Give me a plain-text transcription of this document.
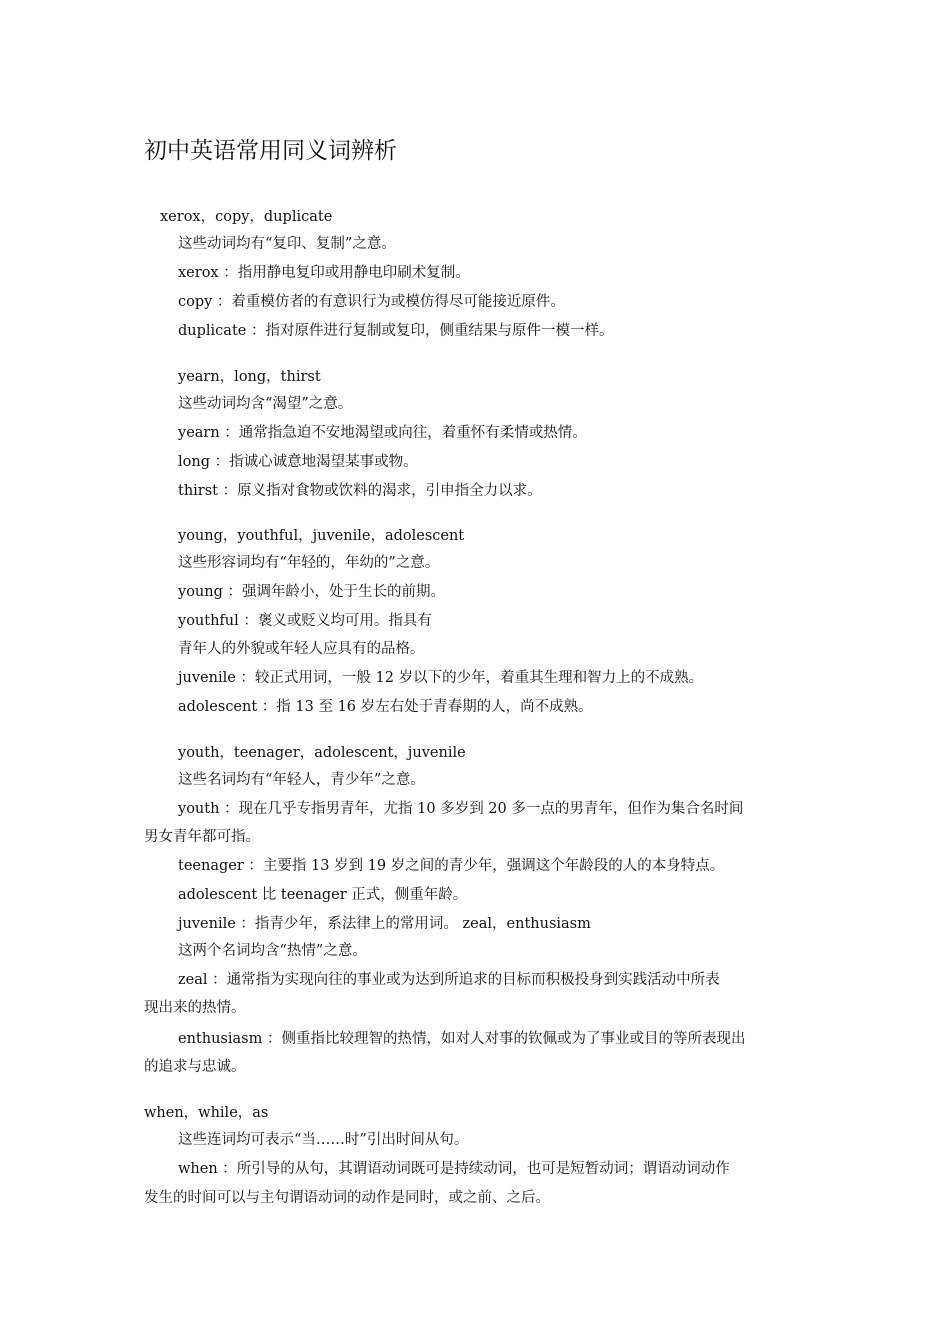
初中英语常用同义词辨析
xerox，copy，duplicate
这些动词均有“复印、复制”之意。
xerox ：指用静电复印或用静电印刷术复制。
copy ：着重模仿者的有意识行为或模仿得尽可能接近原件。
duplicate ：指对原件进行复制或复印，侧重结果与原件一模一样。
yearn，long，thirst
这些动词均含“渴望”之意。
yearn ：通常指急迫不安地渴望或向往，着重怀有柔情或热情。
long ：指诚心诚意地渴望某事或物。
thirst ：原义指对食物或饮料的渴求，引申指全力以求。
young，youthful，juvenile，adolescent
这些形容词均有“年轻的，年幼的”之意。
young ：强调年龄小，处于生长的前期。
youthful ：褒义或贬义均可用。指具有
青年人的外貌或年轻人应具有的品格。
juvenile ：较正式用词，一般 12 岁以下的少年，着重其生理和智力上的不成熟。
adolescent ：指 13 至 16 岁左右处于青春期的人，尚不成熟。
youth，teenager，adolescent，juvenile
这些名词均有“年轻人，青少年”之意。
youth ：现在几乎专指男青年，尤指 10 多岁到 20 多一点的男青年，但作为集合名时间
男女青年都可指。
teenager ：主要指 13 岁到 19 岁之间的青少年，强调这个年龄段的人的本身特点。
adolescent 比 teenager 正式，侧重年龄。
juvenile ：指青少年，系法律上的常用词。 zeal，enthusiasm
这两个名词均含“热情”之意。
zeal ：通常指为实现向往的事业或为达到所追求的目标而积极投身到实践活动中所表
现出来的热情。
enthusiasm ：侧重指比较理智的热情，如对人对事的钦佩或为了事业或目的等所表现出
的追求与忠诚。
when，while，as
这些连词均可表示“当……时”引出时间从句。
when ：所引导的从句，其谓语动词既可是持续动词，也可是短暂动词；谓语动词动作
发生的时间可以与主句谓语动词的动作是同时，或之前、之后。
